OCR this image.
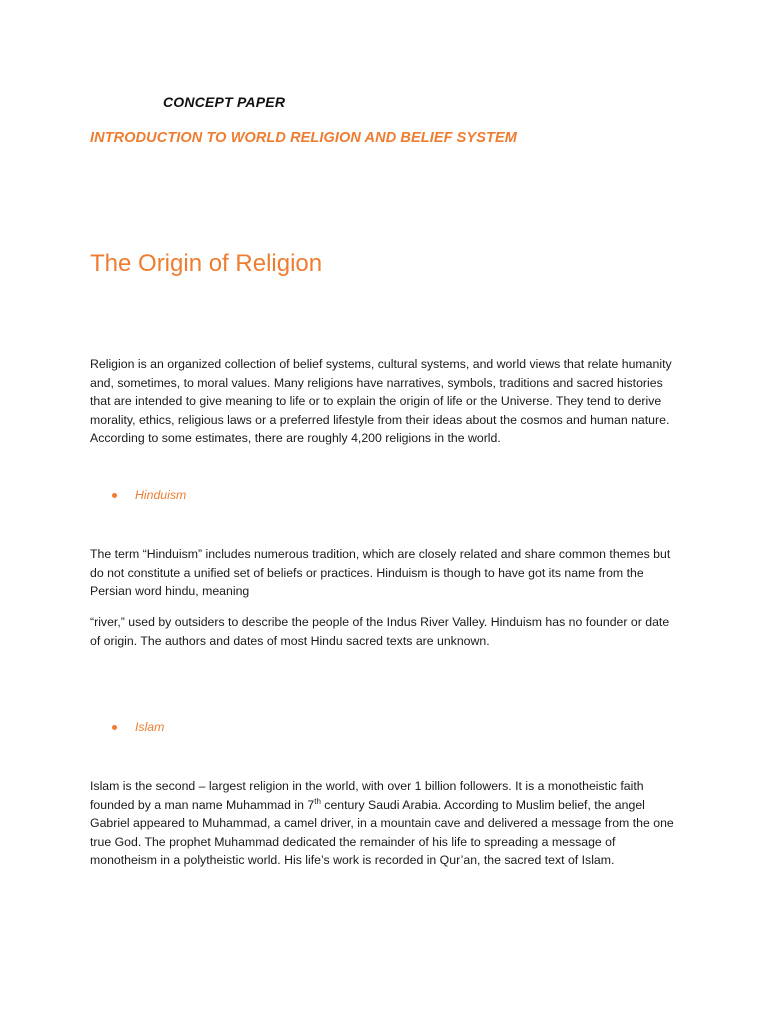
CONCEPT PAPER
INTRODUCTION TO WORLD RELIGION AND BELIEF SYSTEM
The Origin of Religion

Religion is an organized collection of belief systems, cultural systems, and world views that relate humanity and, sometimes, to moral values. Many religions have narratives, symbols, traditions and sacred histories that are intended to give meaning to life or to explain the origin of life or the Universe. They tend to derive morality, ethics, religious laws or a preferred lifestyle from their ideas about the cosmos and human nature. According to some estimates, there are roughly 4,200 religions in the world.

Hinduism

The term “Hinduism” includes numerous tradition, which are closely related and share common themes but do not constitute a unified set of beliefs or practices. Hinduism is though to have got its name from the Persian word hindu, meaning

“river,” used by outsiders to describe the people of the Indus River Valley. Hinduism has no founder or date of origin. The authors and dates of most Hindu sacred texts are unknown.

Islam

Islam is the second – largest religion in the world, with over 1 billion followers. It is a monotheistic faith founded by a man name Muhammad in 7th century Saudi Arabia. According to Muslim belief, the angel Gabriel appeared to Muhammad, a camel driver, in a mountain cave and delivered a message from the one true God. The prophet Muhammad dedicated the remainder of his life to spreading a message of monotheism in a polytheistic world. His life’s work is recorded in Qur’an, the sacred text of Islam.
